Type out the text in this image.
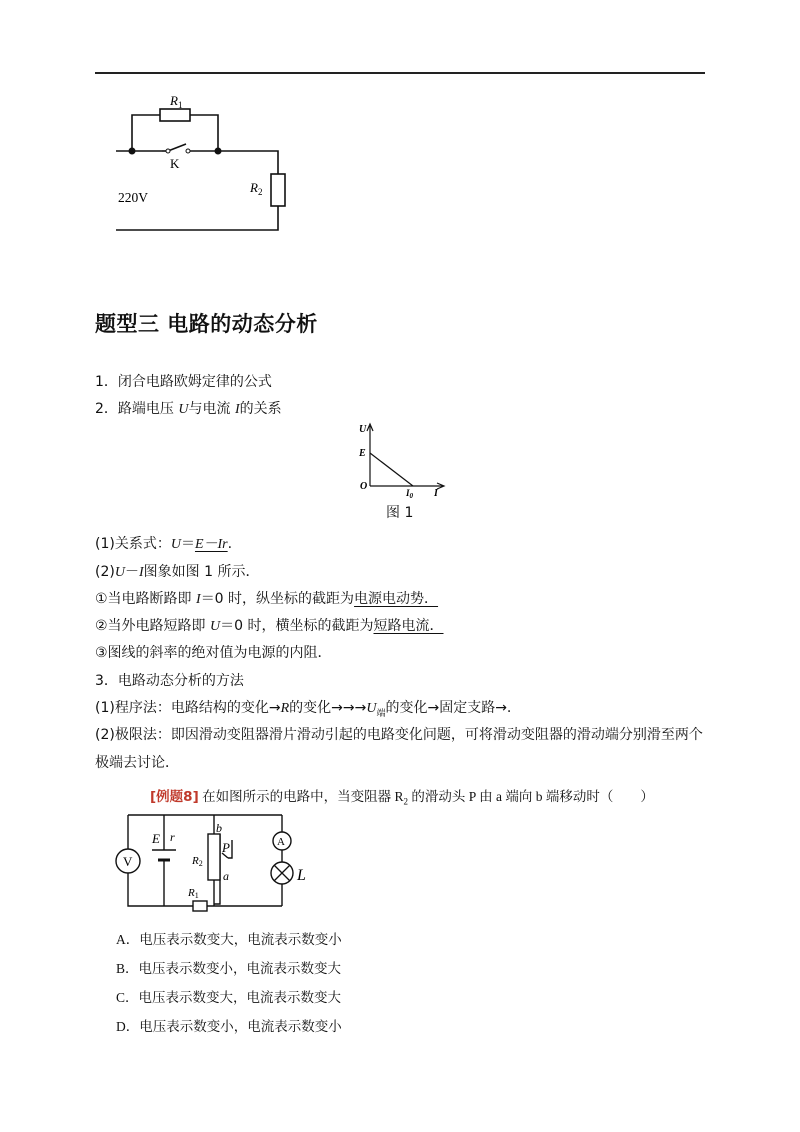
$R_1$
K
$R_2$
220V
题型三 电路的动态分析
1．闭合电路欧姆定律的公式
2．路端电压 U与电流 I的关系
U
E
O
$I_0$ I
图 1
(1)关系式：U＝E－Ir.
(2)U－I图象如图 1 所示．
①当电路断路即 I＝0 时，纵坐标的截距为电源电动势．
②当外电路短路即 U＝0 时，横坐标的截距为短路电流．
③图线的斜率的绝对值为电源的内阻．
3．电路动态分析的方法
(1)程序法：电路结构的变化→R的变化$\to\to\to U_端$的变化→固定支路→.
(2)极限法：即因滑动变阻器滑片滑动引起的电路变化问题，可将滑动变阻器的滑动端分别滑至两个
极端去讨论．
[例题8] 在如图所示的电路中，当变阻器 $R_2$ 的滑动头 P 由 a 端向 b 端移动时（　　）
V
A
L
E r
R2
P
b
a
R1
A．电压表示数变大，电流表示数变小
B．电压表示数变小，电流表示数变大
C．电压表示数变大，电流表示数变大
D．电压表示数变小，电流表示数变小
